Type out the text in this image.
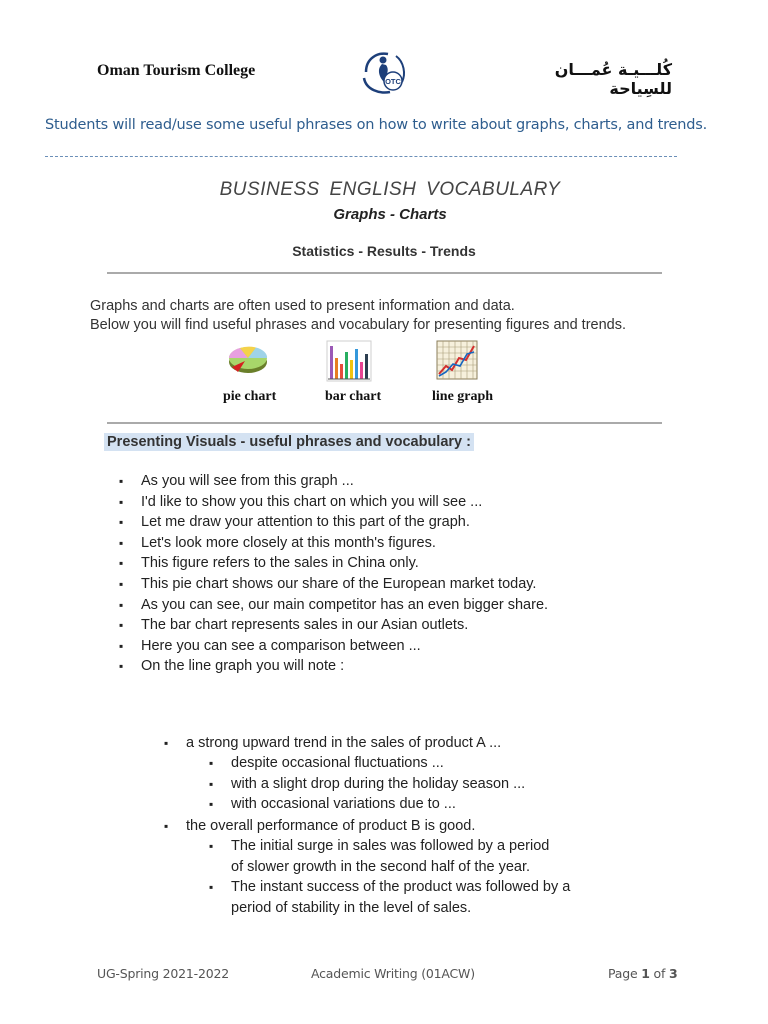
Oman Tourism College
OTC
كُلـــيـة عُمـــان للسِياحة
Students will read/use some useful phrases on how to write about graphs, charts, and trends.
BUSINESS ENGLISH VOCABULARY
Graphs - Charts
Statistics - Results - Trends
Graphs and charts are often used to present information and data.
Below you will find useful phrases and vocabulary for presenting figures and trends.
pie chart	bar chart	line graph
Presenting Visuals - useful phrases and vocabulary :
▪ As you will see from this graph ...
▪ I'd like to show you this chart on which you will see ...
▪ Let me draw your attention to this part of the graph.
▪ Let's look more closely at this month's figures.
▪ This figure refers to the sales in China only.
▪ This pie chart shows our share of the European market today.
▪ As you can see, our main competitor has an even bigger share.
▪ The bar chart represents sales in our Asian outlets.
▪ Here you can see a comparison between ...
▪ On the line graph you will note :
▪ a strong upward trend in the sales of product A ...
▪ despite occasional fluctuations ...
▪ with a slight drop during the holiday season ...
▪ with occasional variations due to ...
▪ the overall performance of product B is good.
▪ The initial surge in sales was followed by a period
of slower growth in the second half of the year.
▪ The instant success of the product was followed by a
period of stability in the level of sales.
UG-Spring 2021-2022	Academic Writing (01ACW)	Page 1 of 3
